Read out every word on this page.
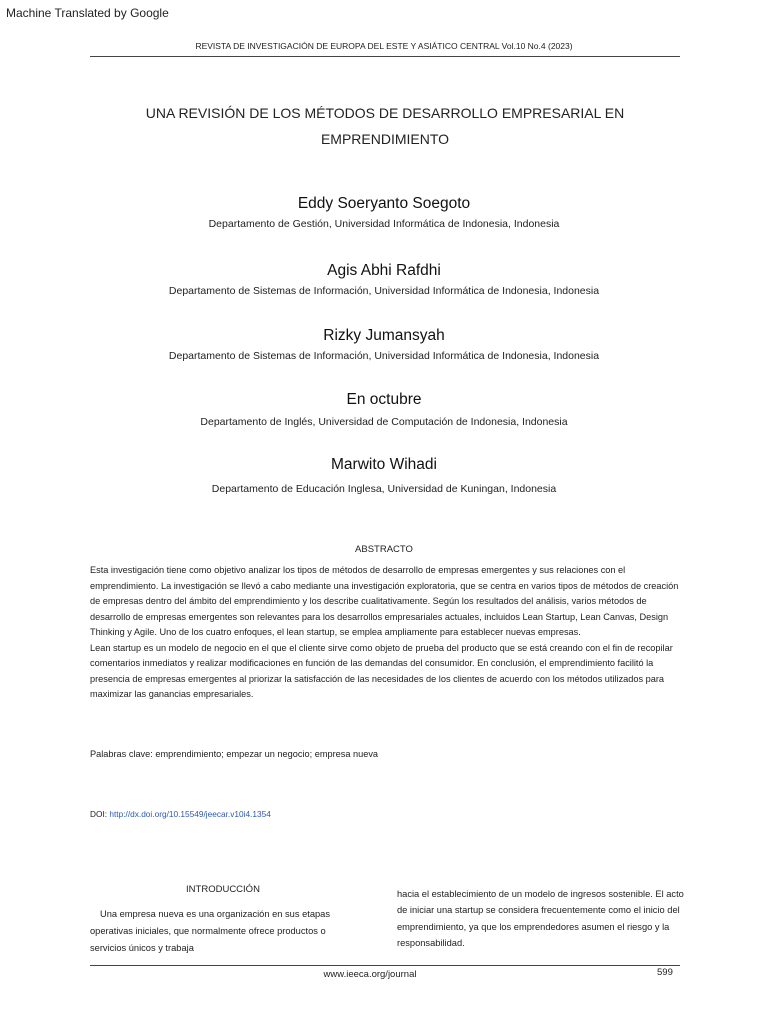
Machine Translated by Google
REVISTA DE INVESTIGACIÓN DE EUROPA DEL ESTE Y ASIÁTICO CENTRAL Vol.10 No.4 (2023)
UNA REVISIÓN DE LOS MÉTODOS DE DESARROLLO EMPRESARIAL EN
EMPRENDIMIENTO
Eddy Soeryanto Soegoto
Departamento de Gestión, Universidad Informática de Indonesia, Indonesia
Agis Abhi Rafdhi
Departamento de Sistemas de Información, Universidad Informática de Indonesia, Indonesia
Rizky Jumansyah
Departamento de Sistemas de Información, Universidad Informática de Indonesia, Indonesia
En octubre
Departamento de Inglés, Universidad de Computación de Indonesia, Indonesia
Marwito Wihadi
Departamento de Educación Inglesa, Universidad de Kuningan, Indonesia
ABSTRACTO

Esta investigación tiene como objetivo analizar los tipos de métodos de desarrollo de empresas emergentes y sus relaciones con el emprendimiento. La investigación se llevó a cabo mediante una investigación exploratoria, que se centra en varios tipos de métodos de creación de empresas dentro del ámbito del emprendimiento y los describe cualitativamente. Según los resultados del análisis, varios métodos de desarrollo de empresas emergentes son relevantes para los desarrollos empresariales actuales, incluidos Lean Startup, Lean Canvas, Design Thinking y Agile. Uno de los cuatro enfoques, el lean startup, se emplea ampliamente para establecer nuevas empresas.

Lean startup es un modelo de negocio en el que el cliente sirve como objeto de prueba del producto que se está creando con el fin de recopilar comentarios inmediatos y realizar modificaciones en función de las demandas del consumidor. En conclusión, el emprendimiento facilitó la presencia de empresas emergentes al priorizar la satisfacción de las necesidades de los clientes de acuerdo con los métodos utilizados para maximizar las ganancias empresariales.

Palabras clave: emprendimiento; empezar un negocio; empresa nueva
DOI: http://dx.doi.org/10.15549/jeecar.v10i4.1354
INTRODUCCIÓN

Una empresa nueva es una organización en sus etapas operativas iniciales, que normalmente ofrece productos o servicios únicos y trabaja

hacia el establecimiento de un modelo de ingresos sostenible. El acto de iniciar una startup se considera frecuentemente como el inicio del emprendimiento, ya que los emprendedores asumen el riesgo y la responsabilidad.

www.ieeca.org/journal	599
